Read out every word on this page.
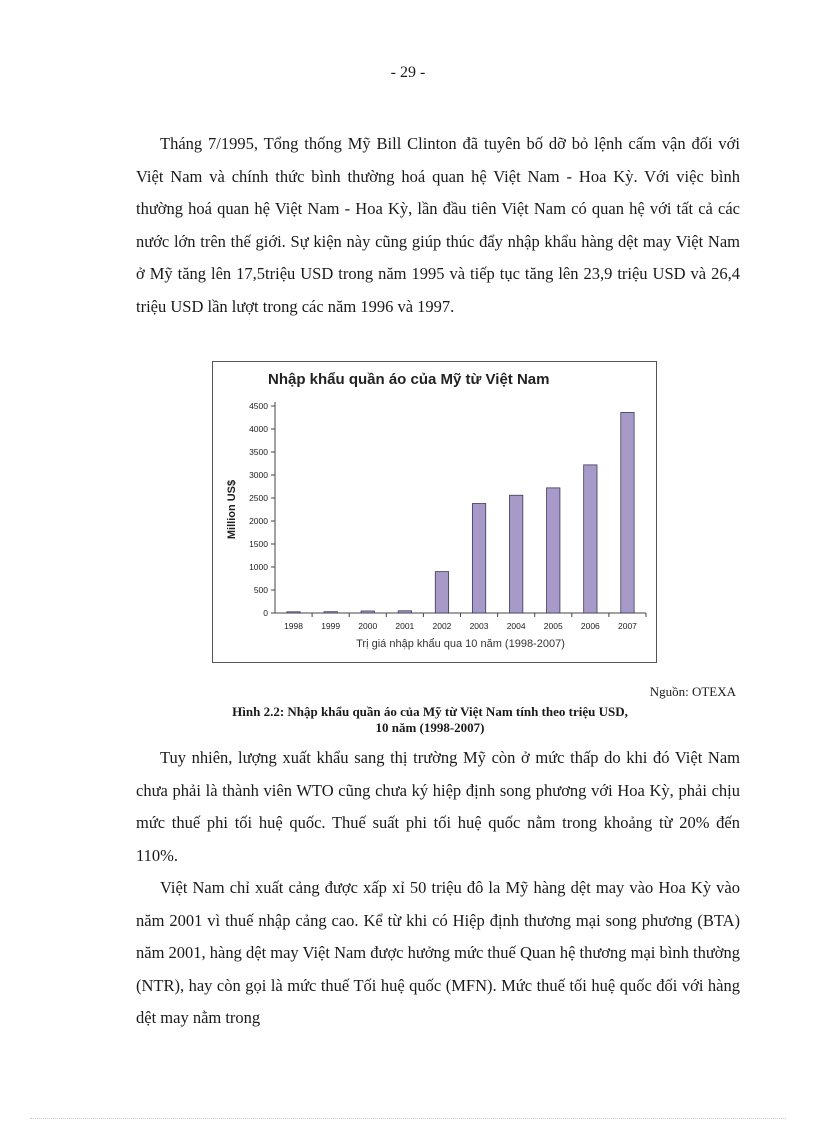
- 29 -

Tháng 7/1995, Tổng thống Mỹ Bill Clinton đã tuyên bố dỡ bỏ lệnh cấm vận đối với Việt Nam và chính thức bình thường hoá quan hệ Việt Nam - Hoa Kỳ. Với việc bình thường hoá quan hệ Việt Nam - Hoa Kỳ, lần đầu tiên Việt Nam có quan hệ với tất cả các nước lớn trên thế giới. Sự kiện này cũng giúp thúc đẩy nhập khẩu hàng dệt may Việt Nam ở Mỹ tăng lên 17,5triệu USD trong năm 1995 và tiếp tục tăng lên 23,9 triệu USD và 26,4 triệu USD lần lượt trong các năm 1996 và 1997.

Nhập khẩu quần áo của Mỹ từ Việt Nam
Million US$
0
500
1000
1500
2000
2500
3000
3500
4000
4500
1998 1999 2000 2001 2002 2003 2004 2005 2006 2007
Trị giá nhập khẩu qua 10 năm (1998-2007)
Nguồn: OTEXA
Hình 2.2: Nhập khẩu quần áo của Mỹ từ Việt Nam tính theo triệu USD,
10 năm (1998-2007)

Tuy nhiên, lượng xuất khẩu sang thị trường Mỹ còn ở mức thấp do khi đó Việt Nam chưa phải là thành viên WTO cũng chưa ký hiệp định song phương với Hoa Kỳ, phải chịu mức thuế phi tối huệ quốc. Thuế suất phi tối huệ quốc nằm trong khoảng từ 20% đến 110%.

Việt Nam chỉ xuất cảng được xấp xỉ 50 triệu đô la Mỹ hàng dệt may vào Hoa Kỳ vào năm 2001 vì thuế nhập cảng cao. Kể từ khi có Hiệp định thương mại song phương (BTA) năm 2001, hàng dệt may Việt Nam được hưởng mức thuế Quan hệ thương mại bình thường (NTR), hay còn gọi là mức thuế Tối huệ quốc (MFN). Mức thuế tối huệ quốc đối với hàng dệt may nằm trong
